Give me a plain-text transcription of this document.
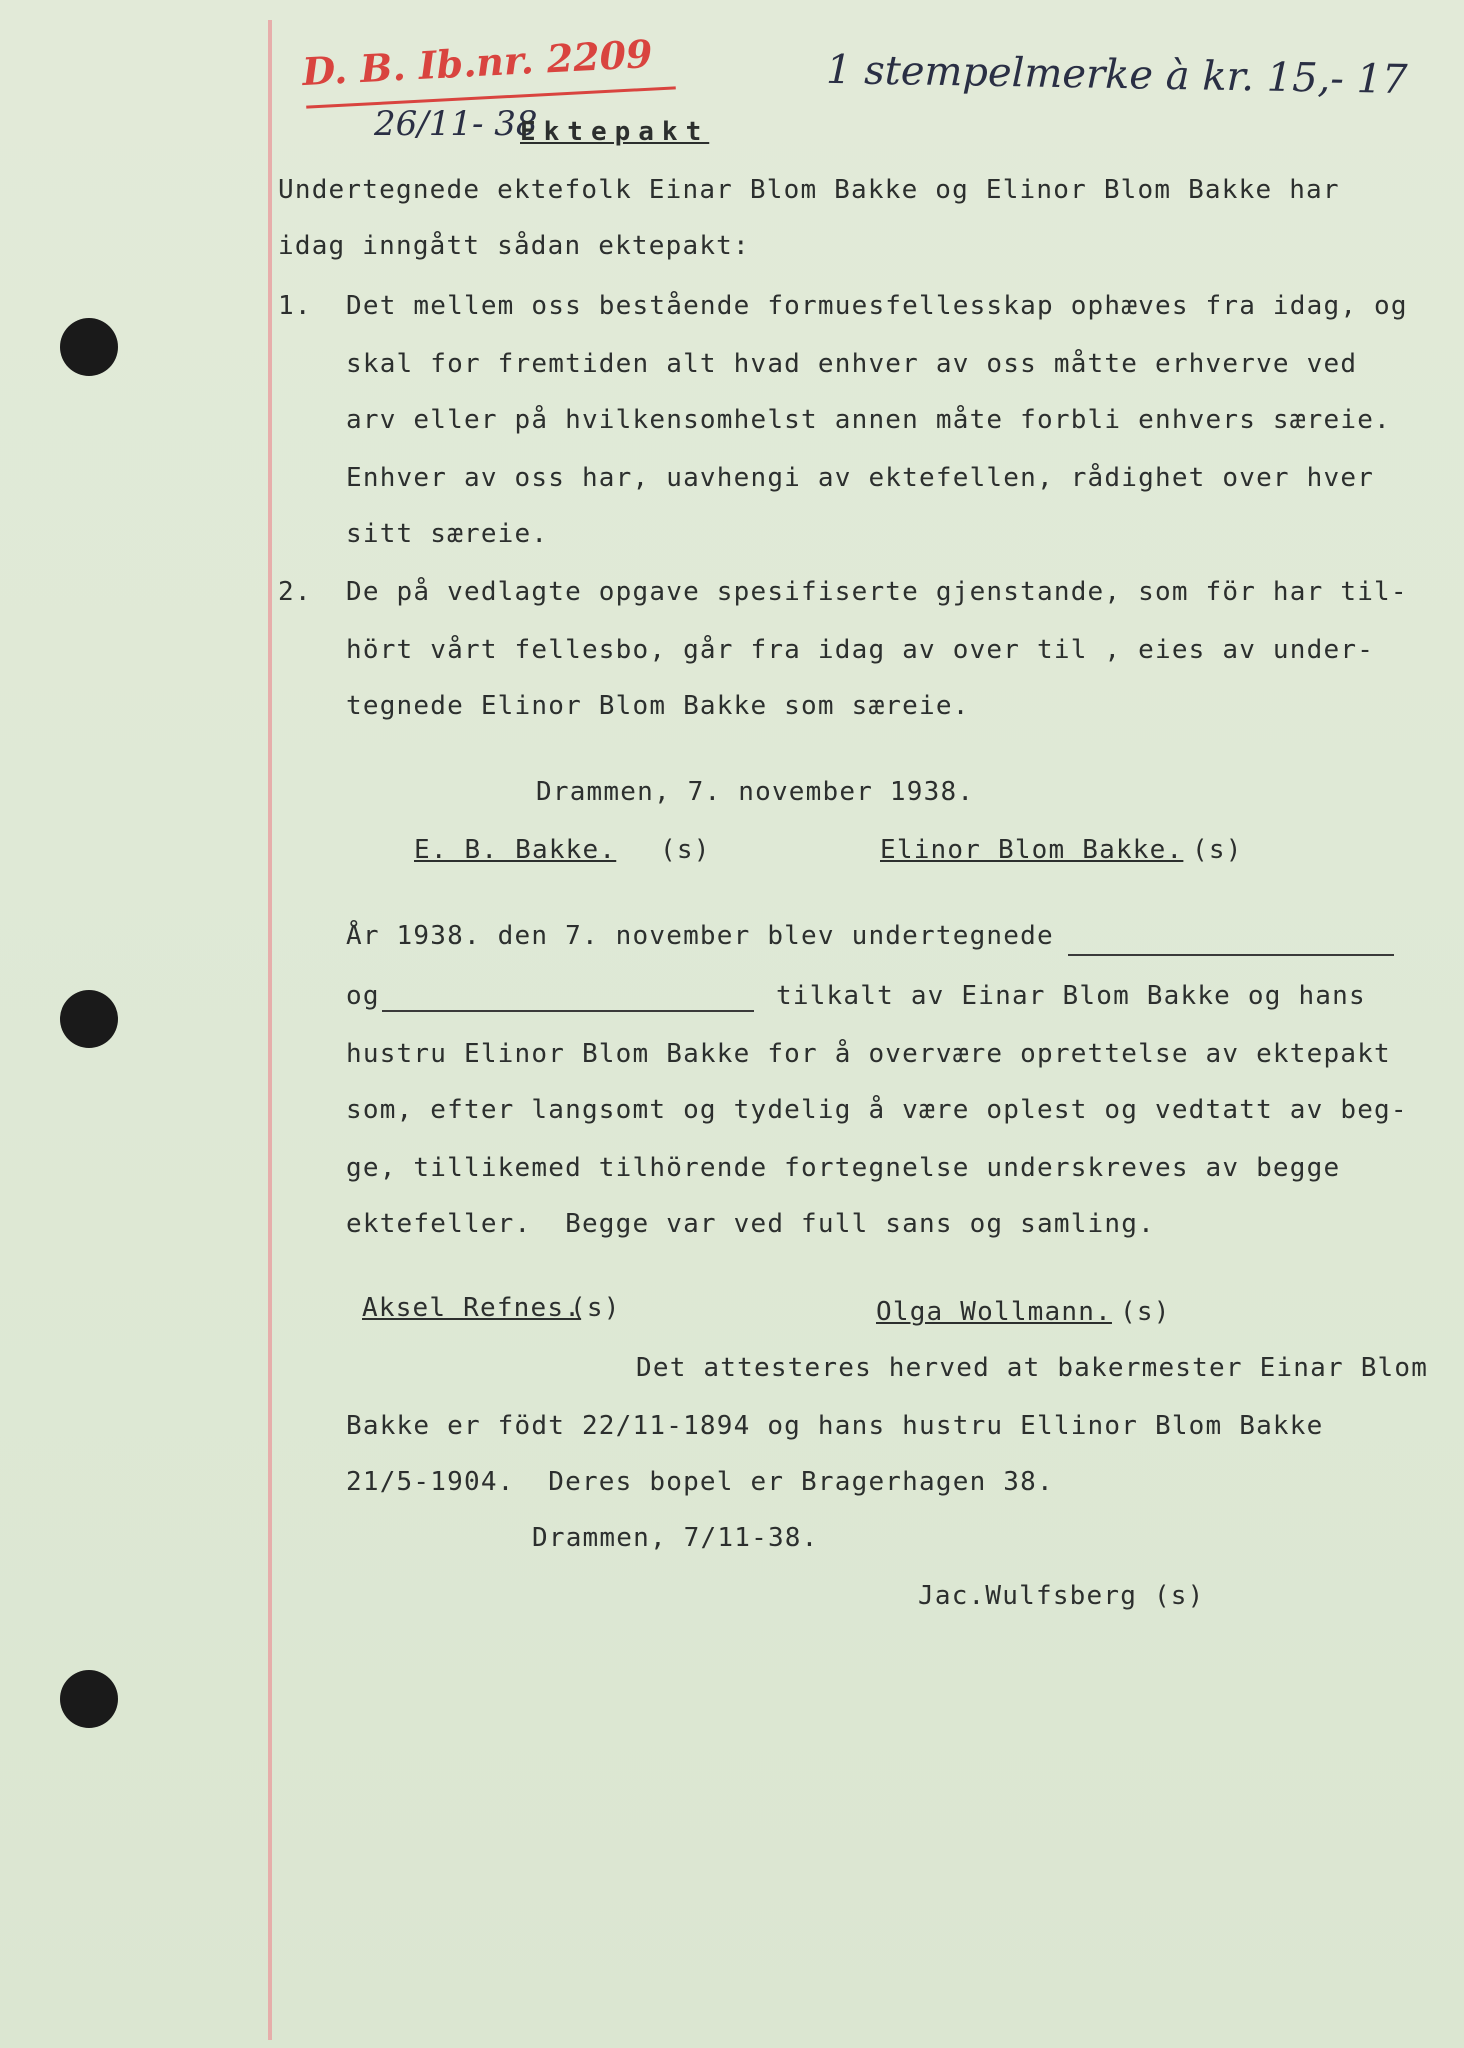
D. B. Ib.nr. 2209	1 stempelmerke à kr. 15,- 17
26/11- 38
Ektepakt
Undertegnede ektefolk Einar Blom Bakke og Elinor Blom Bakke har
idag inngått sådan ektepakt:
1. Det mellem oss bestående formuesfellesskap ophæves fra idag, og
skal for fremtiden alt hvad enhver av oss måtte erhverve ved
arv eller på hvilkensomhelst annen måte forbli enhvers særeie.
Enhver av oss har, uavhengi av ektefellen, rådighet over hver
sitt særeie.
2. De på vedlagte opgave spesifiserte gjenstande, som för har til-
hört vårt fellesbo, går fra idag av over til , eies av under-
tegnede Elinor Blom Bakke som særeie.
Drammen, 7. november 1938.
E. B. Bakke. (s)	Elinor Blom Bakke. (s)
År 1938. den 7. november blev undertegnede
og	tilkalt av Einar Blom Bakke og hans
hustru Elinor Blom Bakke for å overvære oprettelse av ektepakt
som, efter langsomt og tydelig å være oplest og vedtatt av beg-
ge, tillikemed tilhörende fortegnelse underskreves av begge
ektefeller.  Begge var ved full sans og samling.
Aksel Refnes.
(s)	Olga Wollmann. (s)
Det attesteres herved at bakermester Einar Blom
Bakke er födt 22/11-1894 og hans hustru Ellinor Blom Bakke
21/5-1904.  Deres bopel er Bragerhagen 38.
Drammen, 7/11-38.
Jac.Wulfsberg (s)
